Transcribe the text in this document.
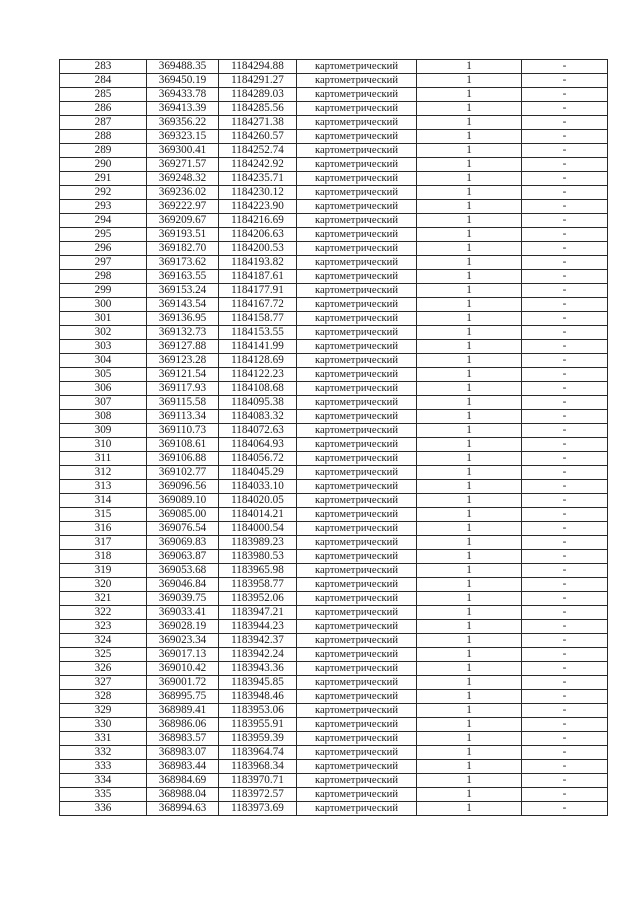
283	369488.35	1184294.88	картометрический	1	-
284	369450.19	1184291.27	картометрический	1	-
285	369433.78	1184289.03	картометрический	1	-
286	369413.39	1184285.56	картометрический	1	-
287	369356.22	1184271.38	картометрический	1	-
288	369323.15	1184260.57	картометрический	1	-
289	369300.41	1184252.74	картометрический	1	-
290	369271.57	1184242.92	картометрический	1	-
291	369248.32	1184235.71	картометрический	1	-
292	369236.02	1184230.12	картометрический	1	-
293	369222.97	1184223.90	картометрический	1	-
294	369209.67	1184216.69	картометрический	1	-
295	369193.51	1184206.63	картометрический	1	-
296	369182.70	1184200.53	картометрический	1	-
297	369173.62	1184193.82	картометрический	1	-
298	369163.55	1184187.61	картометрический	1	-
299	369153.24	1184177.91	картометрический	1	-
300	369143.54	1184167.72	картометрический	1	-
301	369136.95	1184158.77	картометрический	1	-
302	369132.73	1184153.55	картометрический	1	-
303	369127.88	1184141.99	картометрический	1	-
304	369123.28	1184128.69	картометрический	1	-
305	369121.54	1184122.23	картометрический	1	-
306	369117.93	1184108.68	картометрический	1	-
307	369115.58	1184095.38	картометрический	1	-
308	369113.34	1184083.32	картометрический	1	-
309	369110.73	1184072.63	картометрический	1	-
310	369108.61	1184064.93	картометрический	1	-
311	369106.88	1184056.72	картометрический	1	-
312	369102.77	1184045.29	картометрический	1	-
313	369096.56	1184033.10	картометрический	1	-
314	369089.10	1184020.05	картометрический	1	-
315	369085.00	1184014.21	картометрический	1	-
316	369076.54	1184000.54	картометрический	1	-
317	369069.83	1183989.23	картометрический	1	-
318	369063.87	1183980.53	картометрический	1	-
319	369053.68	1183965.98	картометрический	1	-
320	369046.84	1183958.77	картометрический	1	-
321	369039.75	1183952.06	картометрический	1	-
322	369033.41	1183947.21	картометрический	1	-
323	369028.19	1183944.23	картометрический	1	-
324	369023.34	1183942.37	картометрический	1	-
325	369017.13	1183942.24	картометрический	1	-
326	369010.42	1183943.36	картометрический	1	-
327	369001.72	1183945.85	картометрический	1	-
328	368995.75	1183948.46	картометрический	1	-
329	368989.41	1183953.06	картометрический	1	-
330	368986.06	1183955.91	картометрический	1	-
331	368983.57	1183959.39	картометрический	1	-
332	368983.07	1183964.74	картометрический	1	-
333	368983.44	1183968.34	картометрический	1	-
334	368984.69	1183970.71	картометрический	1	-
335	368988.04	1183972.57	картометрический	1	-
336	368994.63	1183973.69	картометрический	1	-
